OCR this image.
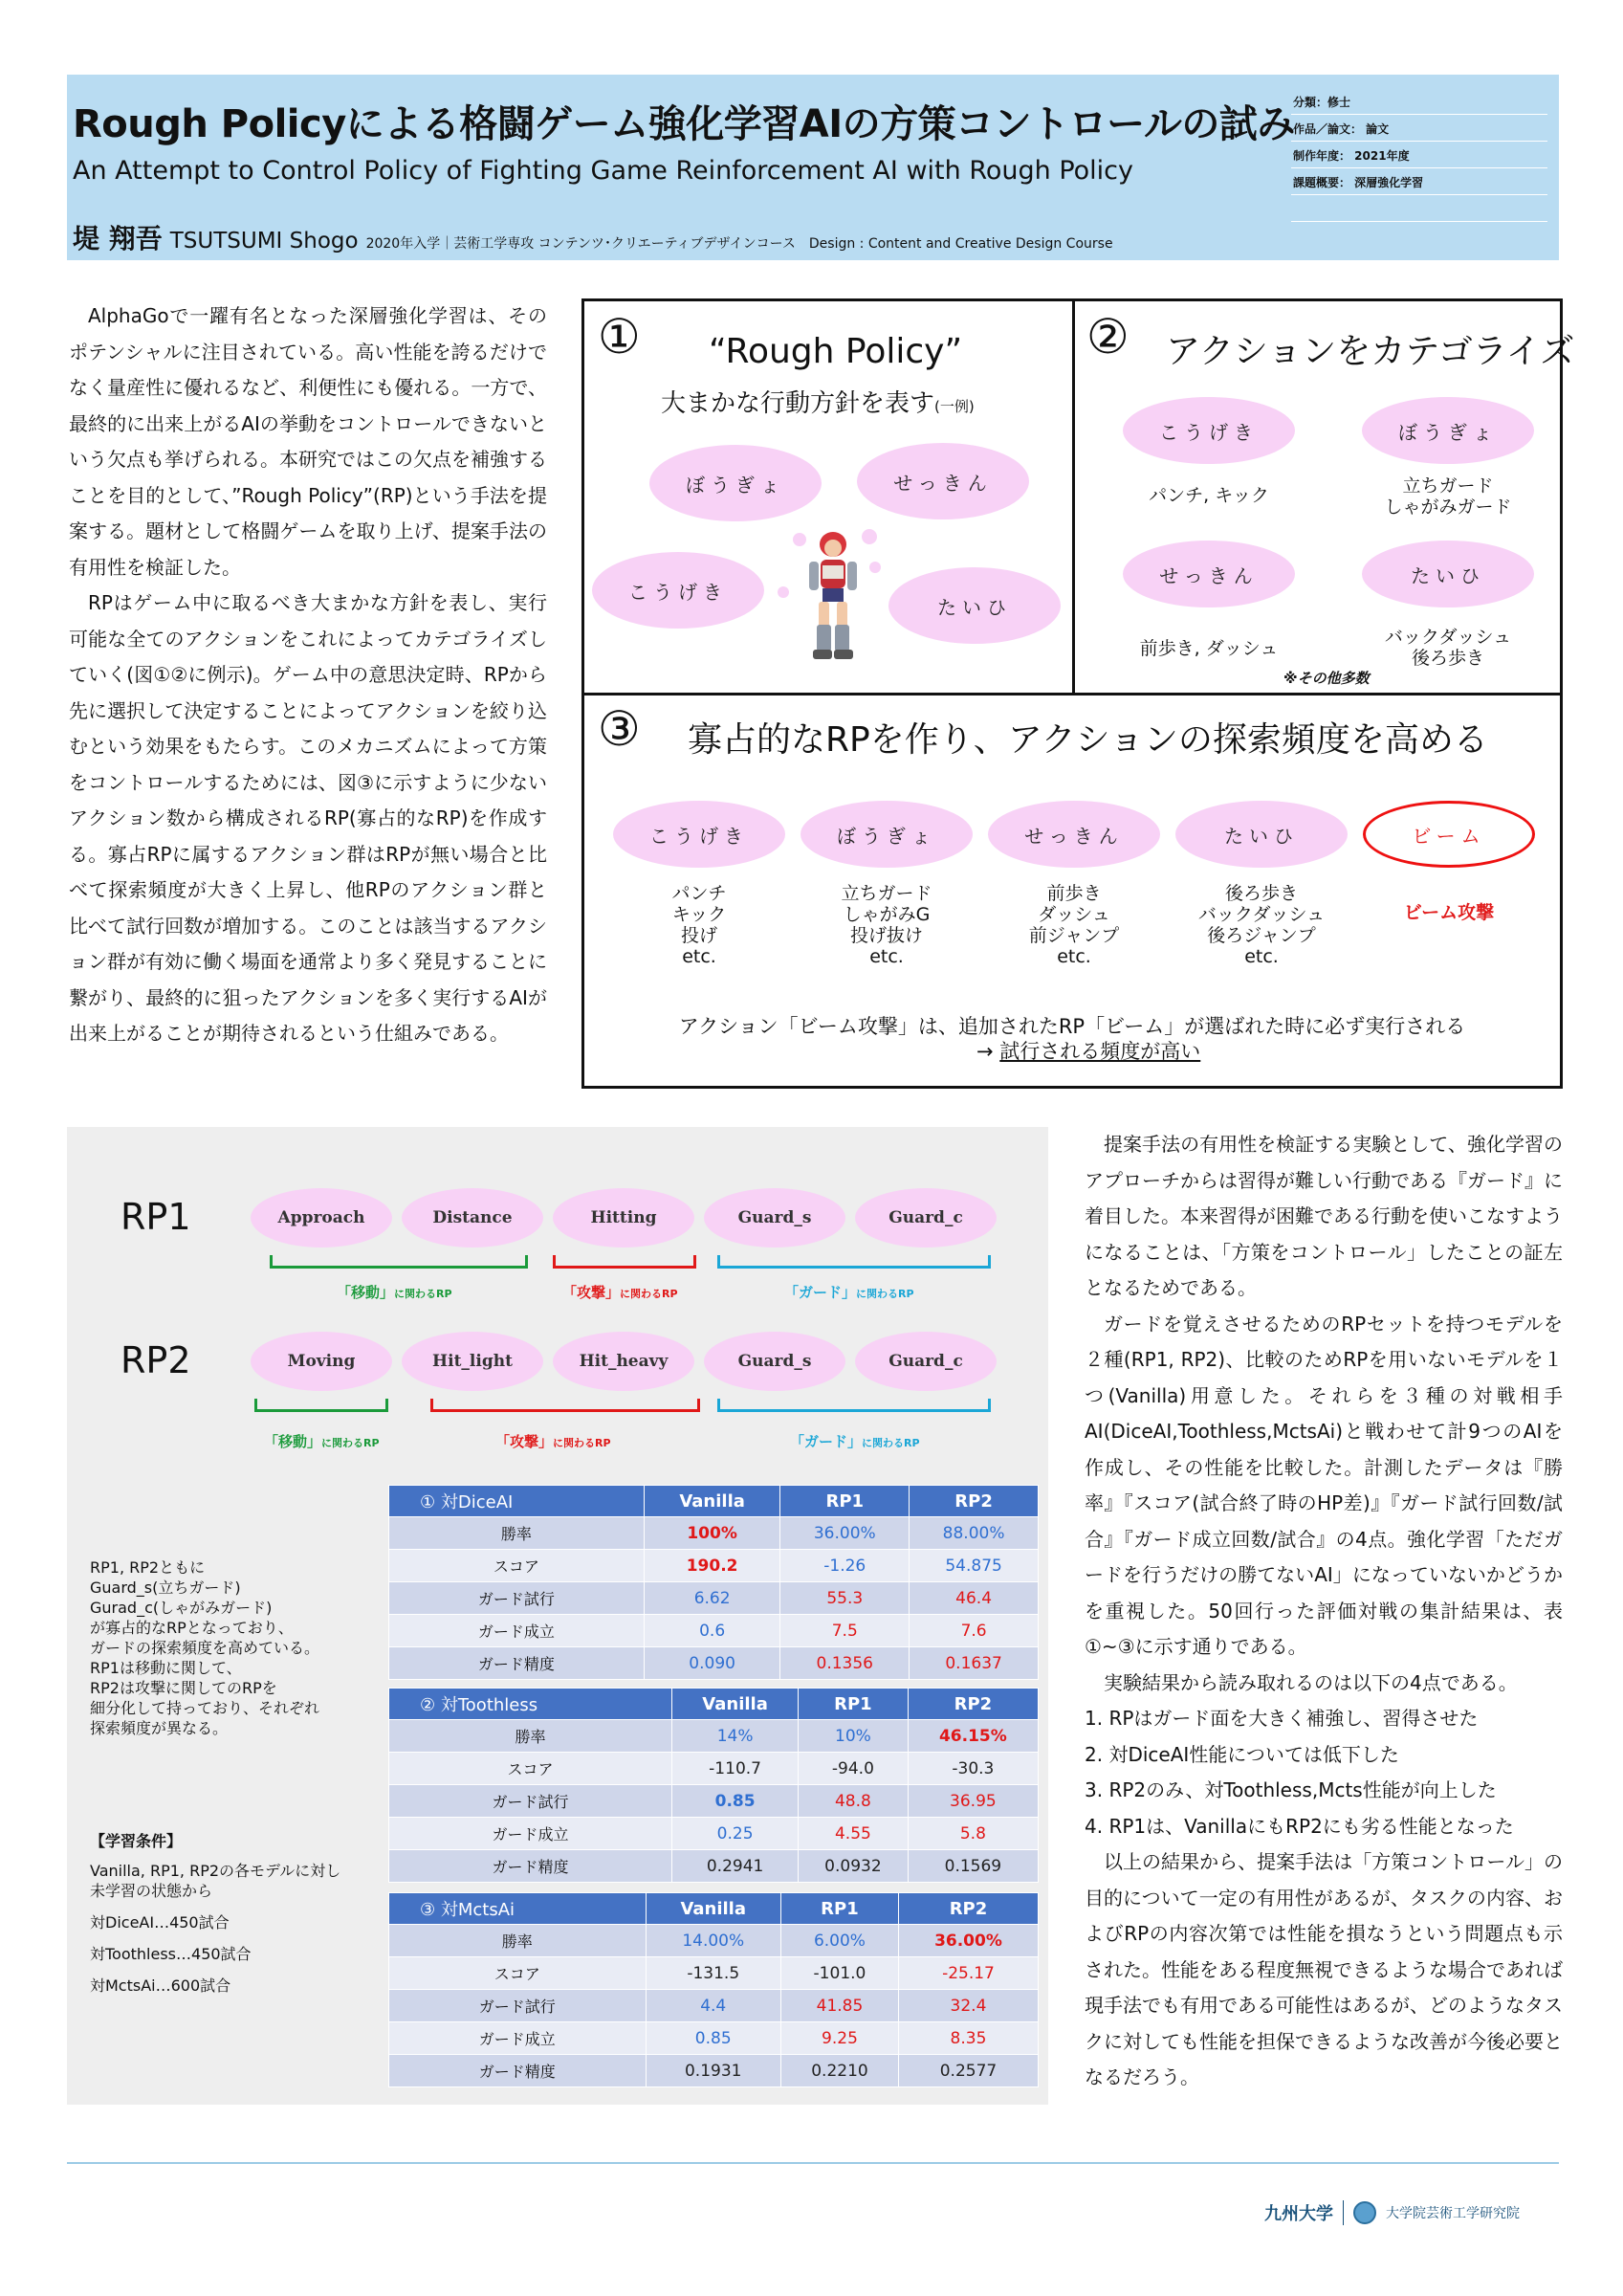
Rough Policyによる格闘ゲーム強化学習AIの方策コントロールの試み
An Attempt to Control Policy of Fighting Game Reinforcement AI with Rough Policy
堤 翔吾 TSUTSUMI Shogo 2020年入学｜芸術工学専攻 コンテンツ･クリエーティブデザインコース　Design : Content and Creative Design Course
分類：修士
作品／論文： 論文
制作年度： 2021年度
課題概要： 深層強化学習

AlphaGoで一躍有名となった深層強化学習は、そのポテンシャルに注目されている。高い性能を誇るだけでなく量産性に優れるなど、利便性にも優れる。一方で、最終的に出来上がるAIの挙動をコントロールできないという欠点も挙げられる。本研究ではこの欠点を補強することを目的として、”Rough Policy”(RP)という手法を提案する。題材として格闘ゲームを取り上げ、提案手法の有用性を検証した。

RPはゲーム中に取るべき大まかな方針を表し、実行可能な全てのアクションをこれによってカテゴライズしていく(図①②に例示)。ゲーム中の意思決定時、RPから先に選択して決定することによってアクションを絞り込むという効果をもたらす。このメカニズムによって方策をコントロールするためには、図③に示すように少ないアクション数から構成されるRP(寡占的なRP)を作成する。寡占RPに属するアクション群はRPが無い場合と比べて探索頻度が大きく上昇し、他RPのアクション群と比べて試行回数が増加する。このことは該当するアクション群が有効に働く場面を通常より多く発見することに繋がり、最終的に狙ったアクションを多く実行するAIが出来上がることが期待されるという仕組みである。

① “Rough Policy”
大まかな行動方針を表す(一例)
ぼうぎょ	せっきん
こうげき
たいひ
② アクションをカテゴライズ
こうげき	ぼうぎょ
パンチ, キック	立ちガード
しゃがみガード
せっきん	たいひ
前歩き, ダッシュ
バックダッシュ
後ろ歩き
※その他多数
③ 寡占的なRPを作り、アクションの探索頻度を高める
こうげき	ぼうぎょ	せっきん	たいひ	ビーム
パンチ
キック
投げ
etc.
立ちガード
しゃがみG
投げ抜け
etc.
前歩き
ダッシュ
前ジャンプ
etc.
後ろ歩き
バックダッシュ
後ろジャンプ
etc.
ビーム攻撃
アクション「ビーム攻撃」は、追加されたRP「ビーム」が選ばれた時に必ず実行される
→ 試行される頻度が高い
RP1	Approach	Distance	Hitting	Guard_s	Guard_c
「移動」に関わるRP	「攻撃」に関わるRP	「ガード」に関わるRP
RP2	Moving	Hit_light	Hit_heavy	Guard_s	Guard_c
「移動」に関わるRP	「攻撃」に関わるRP	「ガード」に関わるRP
RP1, RP2ともに
Guard_s(立ちガード)
Gurad_c(しゃがみガード)
が寡占的なRPとなっており、
ガードの探索頻度を高めている。
RP1は移動に関して、
RP2は攻撃に関してのRPを
細分化して持っており、それぞれ
探索頻度が異なる。
【学習条件】
Vanilla, RP1, RP2の各モデルに対し
未学習の状態から
対DiceAI…450試合
対Toothless…450試合
対MctsAi…600試合
① 対DiceAI	Vanilla	RP1	RP2
勝率	100%	36.00%	88.00%
スコア	190.2	-1.26	54.875
ガード試行	6.62	55.3	46.4
ガード成立	0.6	7.5	7.6
ガード精度	0.090	0.1356	0.1637
② 対Toothless	Vanilla	RP1	RP2
勝率	14%	10%	46.15%
スコア	-110.7	-94.0	-30.3
ガード試行	0.85	48.8	36.95
ガード成立	0.25	4.55	5.8
ガード精度	0.2941	0.0932	0.1569
③ 対MctsAi	Vanilla	RP1	RP2
勝率	14.00%	6.00%	36.00%
スコア	-131.5	-101.0	-25.17
ガード試行	4.4	41.85	32.4
ガード成立	0.85	9.25	8.35
ガード精度	0.1931	0.2210	0.2577

提案手法の有用性を検証する実験として、強化学習のアプローチからは習得が難しい行動である『ガード』に着目した。本来習得が困難である行動を使いこなすようになることは、「方策をコントロール」したことの証左となるためである。

ガードを覚えさせるためのRPセットを持つモデルを２種(RP1, RP2)、比較のためRPを用いないモデルを１つ(Vanilla)用意した。それらを３種の対戦相手AI(DiceAI,Toothless,MctsAi)と戦わせて計9つのAIを作成し、その性能を比較した。計測したデータは『勝率』『スコア(試合終了時のHP差)』『ガード試行回数/試合』『ガード成立回数/試合』の4点。強化学習「ただガードを行うだけの勝てないAI」になっていないかどうかを重視した。50回行った評価対戦の集計結果は、表①~③に示す通りである。

実験結果から読み取れるのは以下の4点である。

1. RPはガード面を大きく補強し、習得させた
2. 対DiceAI性能については低下した
3. RP2のみ、対Toothless,Mcts性能が向上した
4. RP1は、VanillaにもRP2にも劣る性能となった

以上の結果から、提案手法は「方策コントロール」の目的について一定の有用性があるが、タスクの内容、およびRPの内容次第では性能を損なうという問題点も示された。性能をある程度無視できるような場合であれば現手法でも有用である可能性はあるが、どのようなタスクに対しても性能を担保できるような改善が今後必要となるだろう。

九州大学	大学院芸術工学研究院
